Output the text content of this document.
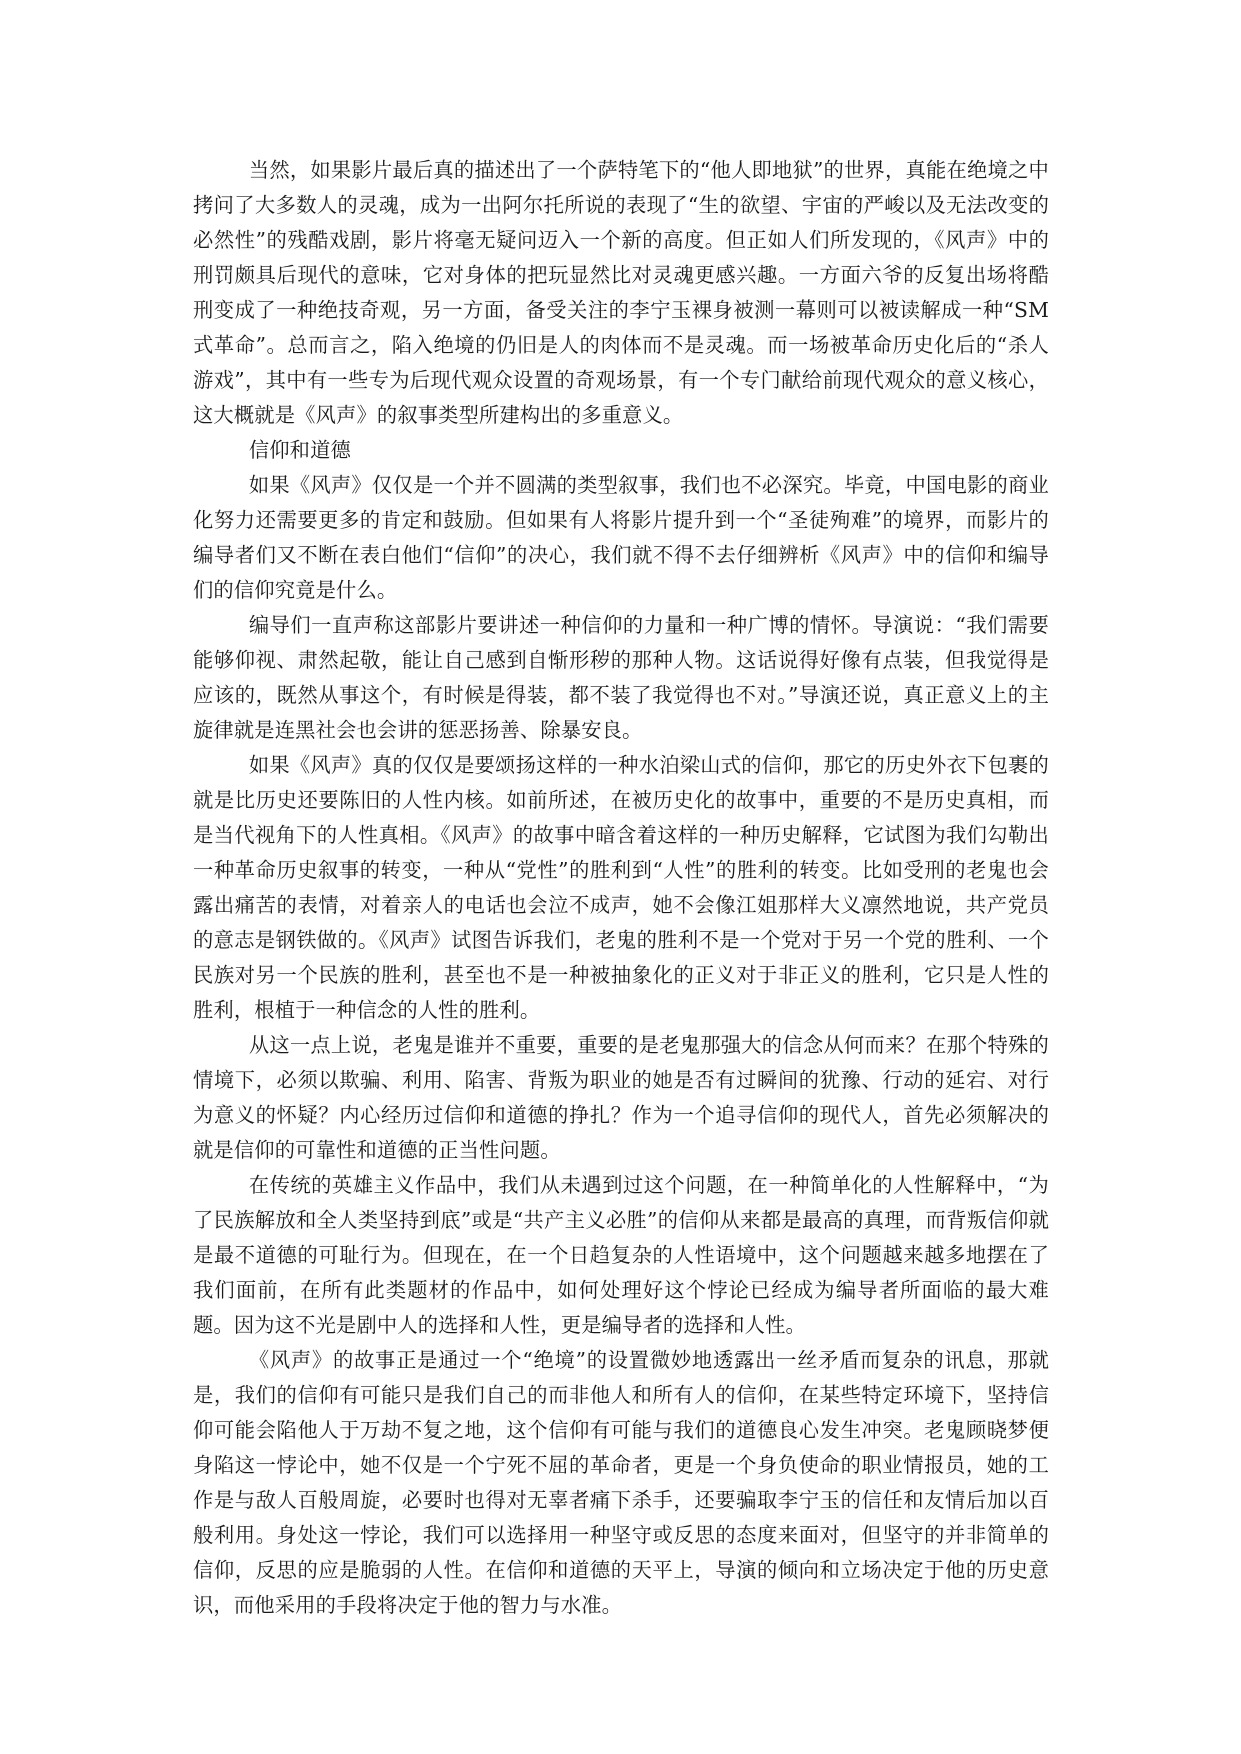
当然，如果影片最后真的描述出了一个萨特笔下的“他人即地狱”的世界，真能在绝境之中拷问了大多数人的灵魂，成为一出阿尔托所说的表现了“生的欲望、宇宙的严峻以及无法改变的必然性”的残酷戏剧，影片将毫无疑问迈入一个新的高度。但正如人们所发现的，《风声》中的刑罚颇具后现代的意味，它对身体的把玩显然比对灵魂更感兴趣。一方面六爷的反复出场将酷刑变成了一种绝技奇观，另一方面，备受关注的李宁玉裸身被测一幕则可以被读解成一种“SM式革命”。总而言之，陷入绝境的仍旧是人的肉体而不是灵魂。而一场被革命历史化后的“杀人游戏”，其中有一些专为后现代观众设置的奇观场景，有一个专门献给前现代观众的意义核心，这大概就是《风声》的叙事类型所建构出的多重意义。

信仰和道德

如果《风声》仅仅是一个并不圆满的类型叙事，我们也不必深究。毕竟，中国电影的商业化努力还需要更多的肯定和鼓励。但如果有人将影片提升到一个“圣徒殉难”的境界，而影片的编导者们又不断在表白他们“信仰”的决心，我们就不得不去仔细辨析《风声》中的信仰和编导们的信仰究竟是什么。

编导们一直声称这部影片要讲述一种信仰的力量和一种广博的情怀。导演说：“我们需要能够仰视、肃然起敬，能让自己感到自惭形秽的那种人物。这话说得好像有点装，但我觉得是应该的，既然从事这个，有时候是得装，都不装了我觉得也不对。”导演还说，真正意义上的主旋律就是连黑社会也会讲的惩恶扬善、除暴安良。

如果《风声》真的仅仅是要颂扬这样的一种水泊梁山式的信仰，那它的历史外衣下包裹的就是比历史还要陈旧的人性内核。如前所述，在被历史化的故事中，重要的不是历史真相，而是当代视角下的人性真相。《风声》的故事中暗含着这样的一种历史解释，它试图为我们勾勒出一种革命历史叙事的转变，一种从“党性”的胜利到“人性”的胜利的转变。比如受刑的老鬼也会露出痛苦的表情，对着亲人的电话也会泣不成声，她不会像江姐那样大义凛然地说，共产党员的意志是钢铁做的。《风声》试图告诉我们，老鬼的胜利不是一个党对于另一个党的胜利、一个民族对另一个民族的胜利，甚至也不是一种被抽象化的正义对于非正义的胜利，它只是人性的胜利，根植于一种信念的人性的胜利。

从这一点上说，老鬼是谁并不重要，重要的是老鬼那强大的信念从何而来？在那个特殊的情境下，必须以欺骗、利用、陷害、背叛为职业的她是否有过瞬间的犹豫、行动的延宕、对行为意义的怀疑？内心经历过信仰和道德的挣扎？作为一个追寻信仰的现代人，首先必须解决的就是信仰的可靠性和道德的正当性问题。

在传统的英雄主义作品中，我们从未遇到过这个问题，在一种简单化的人性解释中，“为了民族解放和全人类坚持到底”或是“共产主义必胜”的信仰从来都是最高的真理，而背叛信仰就是最不道德的可耻行为。但现在，在一个日趋复杂的人性语境中，这个问题越来越多地摆在了我们面前，在所有此类题材的作品中，如何处理好这个悖论已经成为编导者所面临的最大难题。因为这不光是剧中人的选择和人性，更是编导者的选择和人性。

《风声》的故事正是通过一个“绝境”的设置微妙地透露出一丝矛盾而复杂的讯息，那就是，我们的信仰有可能只是我们自己的而非他人和所有人的信仰，在某些特定环境下，坚持信仰可能会陷他人于万劫不复之地，这个信仰有可能与我们的道德良心发生冲突。老鬼顾晓梦便身陷这一悖论中，她不仅是一个宁死不屈的革命者，更是一个身负使命的职业情报员，她的工作是与敌人百般周旋，必要时也得对无辜者痛下杀手，还要骗取李宁玉的信任和友情后加以百般利用。身处这一悖论，我们可以选择用一种坚守或反思的态度来面对，但坚守的并非简单的信仰，反思的应是脆弱的人性。在信仰和道德的天平上，导演的倾向和立场决定于他的历史意识，而他采用的手段将决定于他的智力与水准。
